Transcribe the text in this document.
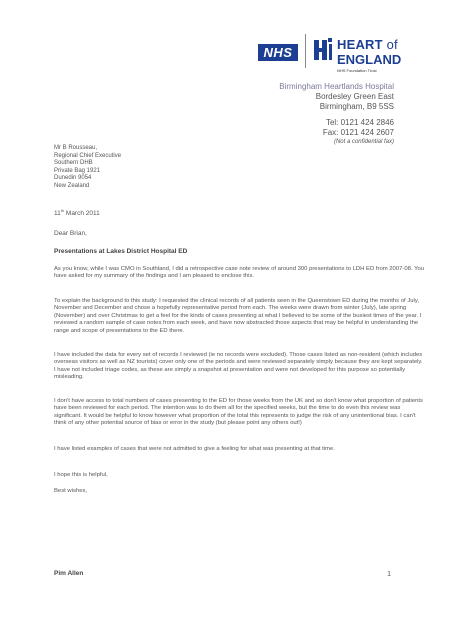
NHS
HEART of
ENGLAND
NHS Foundation Trust
Birmingham Heartlands Hospital
Bordesley Green East
Birmingham, B9 5SS
Tel: 0121 424 2846
Fax: 0121 424 2607
(Not a confidential fax)
Mr B Rousseau,
Regional Chief Executive
Southern DHB
Private Bag 1921
Dunedin 9054
New Zealand
11th March 2011
Dear Brian,
Presentations at Lakes District Hospital ED

As you know, while I was CMO in Southland, I did a retrospective case note review of around 300 presentations to LDH ED from 2007-08. You have asked for my summary of the findings and I am pleased to enclose this.

To explain the background to this study: I requested the clinical records of all patients seen in the Queenstown ED during the months of July, November and December and chose a hopefully representative period from each. The weeks were drawn from winter (July), late spring (November) and over Christmas to get a feel for the kinds of cases presenting at what I believed to be some of the busiest times of the year. I reviewed a random sample of case notes from each week, and have now abstracted those aspects that may be helpful in understanding the range and scope of presentations to the ED there.

I have included the data for every set of records I reviewed (ie no records were excluded). Those cases listed as non-resident (which includes overseas visitors as well as NZ tourists) cover only one of the periods and were reviewed separately simply because they are kept separately. I have not included triage codes, as these are simply a snapshot at presentation and were not developed for this purpose so potentially misleading.

I don't have access to total numbers of cases presenting to the ED for those weeks from the UK and so don't know what proportion of patients have been reviewed for each period. The intention was to do them all for the specified weeks, but the time to do even this review was significant. It would be helpful to know however what proportion of the total this represents to judge the risk of any unintentional bias. I can't think of any other potential source of bias or error in the study (but please point any others out!)

I have listed examples of cases that were not admitted to give a feeling for what was presenting at that time.

I hope this is helpful,
Best wishes,
Pim Allen	1
